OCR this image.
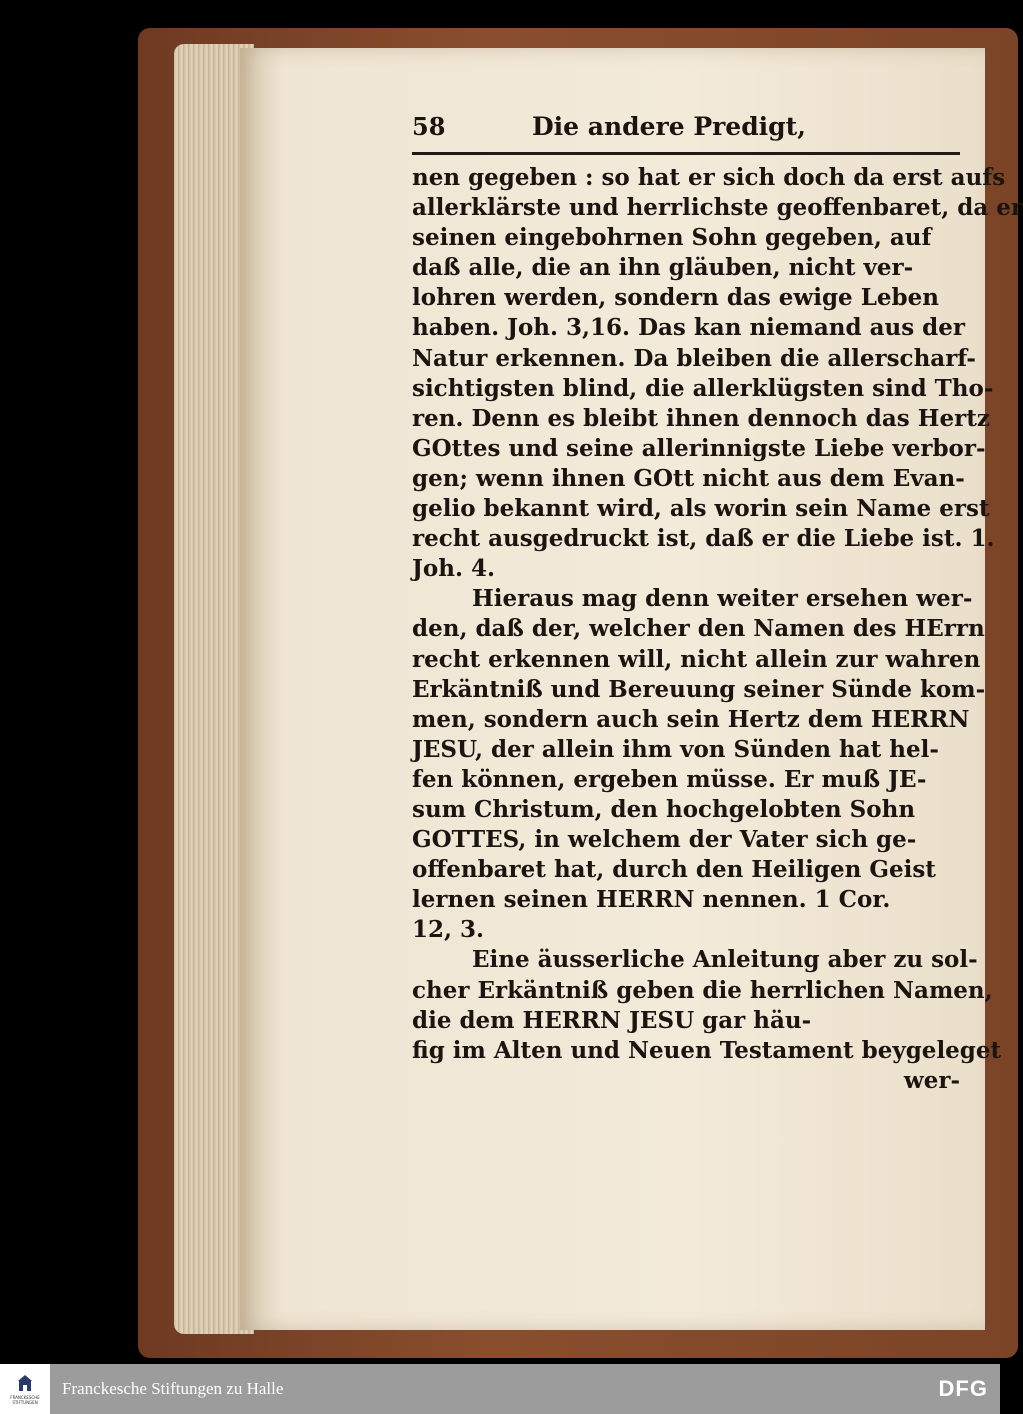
58	Die andere Predigt,
nen gegeben : so hat er sich doch da erst aufs
allerklärste und herrlichste geoffenbaret, da er
seinen eingebohrnen Sohn gegeben, auf
daß alle, die an ihn gläuben, nicht ver-
lohren werden, sondern das ewige Leben
haben. Joh. 3,16. Das kan niemand aus der
Natur erkennen. Da bleiben die allerscharf-
sichtigsten blind, die allerklügsten sind Tho-
ren. Denn es bleibt ihnen dennoch das Hertz
GOttes und seine allerinnigste Liebe verbor-
gen; wenn ihnen GOtt nicht aus dem Evan-
gelio bekannt wird, als worin sein Name erst
recht ausgedruckt ist, daß er die Liebe ist. 1.
Joh. 4.
Hieraus mag denn weiter ersehen wer-
den, daß der, welcher den Namen des HErrn
recht erkennen will, nicht allein zur wahren
Erkäntniß und Bereuung seiner Sünde kom-
men, sondern auch sein Hertz dem HERRN
JESU, der allein ihm von Sünden hat hel-
fen können, ergeben müsse. Er muß JE-
sum Christum, den hochgelobten Sohn
GOTTES, in welchem der Vater sich ge-
offenbaret hat, durch den Heiligen Geist
lernen seinen HERRN nennen. 1 Cor.
12, 3.
Eine äusserliche Anleitung aber zu sol-
cher Erkäntniß geben die herrlichen Namen,
die dem HERRN JESU gar häu-
fig im Alten und Neuen Testament beygeleget
wer-
FRANCKESCHE STIFTUNGEN
Franckesche Stiftungen zu Halle	DFG
